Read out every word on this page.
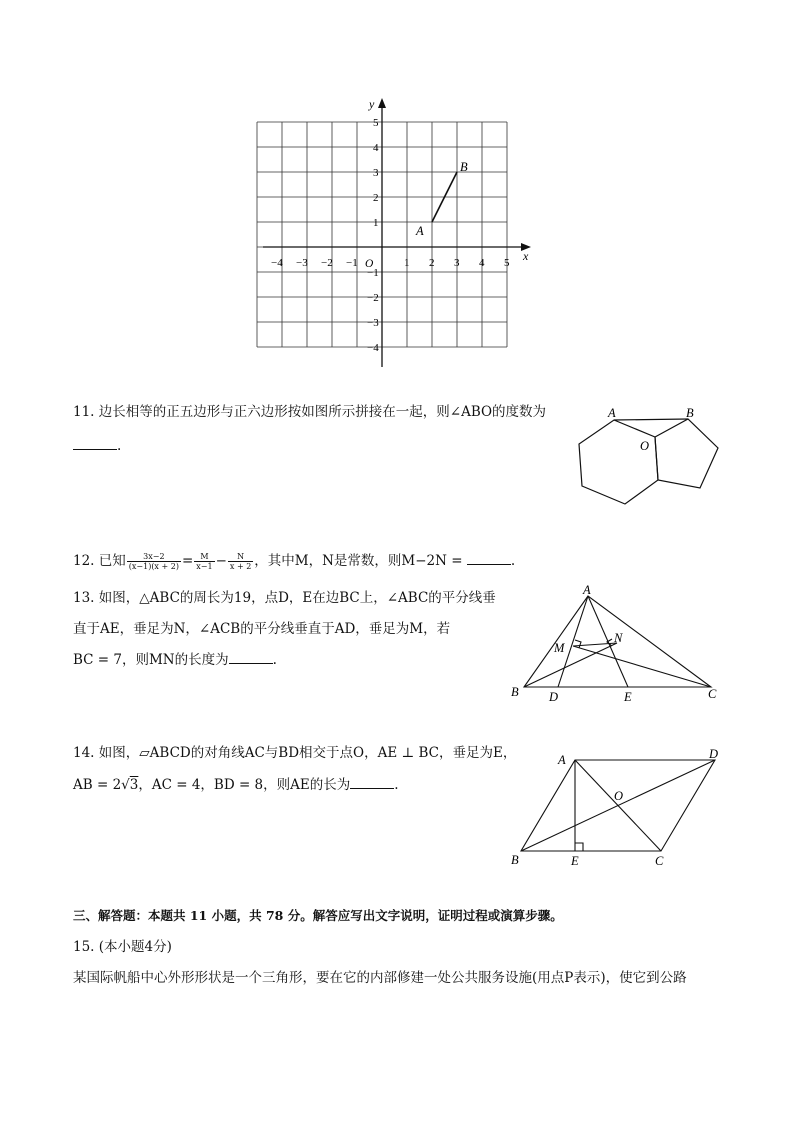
x
y
O
−4 −3 −2 −1	1 2 3 4 5
5
4
3
2
1
−1
−2
−3
−4
A
B
11. 边长相等的正五边形与正六边形按如图所示拼接在一起，则∠ABO的度数为
.
A	B
O
12. 已知 $\frac{3x-2}{(x-1)(x + 2)} = \frac{M}{x-1} - \frac{N}{x + 2}$ ，其中M，N是常数，则M−2N =	.
13. 如图，△ABC的周长为19，点D，E在边BC上，∠ABC的平分线垂
直于AE，垂足为N，∠ACB的平分线垂直于AD，垂足为M，若
BC = 7，则MN的长度为	.
A
B	C
D	E
M
N
14. 如图，▱ABCD的对角线AC与BD相交于点O，AE ⊥ BC，垂足为E，
AB = 2√3，AC = 4，BD = 8，则AE的长为	.
A	D
O
B	E	C
三、解答题：本题共 11 小题，共 78 分。解答应写出文字说明，证明过程或演算步骤。
15. (本小题4分)
某国际帆船中心外形形状是一个三角形，要在它的内部修建一处公共服务设施(用点P表示)，使它到公路
